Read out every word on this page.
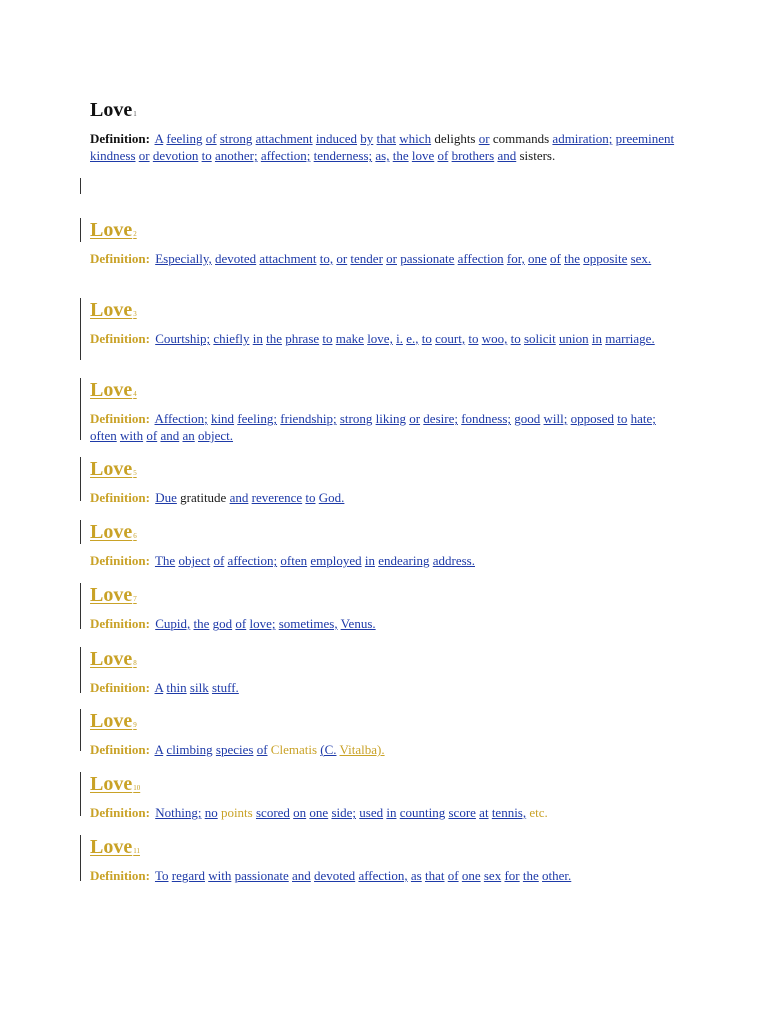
Love1
Definition: A feeling of strong attachment induced by that which delights or commands admiration; preeminent kindness or devotion to another; affection; tenderness; as, the love of brothers and sisters.
Love2
Definition: Especially, devoted attachment to, or tender or passionate affection for, one of the opposite sex.
Love3
Definition: Courtship; chiefly in the phrase to make love, i. e., to court, to woo, to solicit union in marriage.
Love4
Definition: Affection; kind feeling; friendship; strong liking or desire; fondness; good will; opposed to hate; often with of and an object.
Love5
Definition: Due gratitude and reverence to God.
Love6
Definition: The object of affection; often employed in endearing address.
Love7
Definition: Cupid, the god of love; sometimes, Venus.
Love8
Definition: A thin silk stuff.
Love9
Definition: A climbing species of Clematis (C. Vitalba).
Love10
Definition: Nothing; no points scored on one side; used in counting score at tennis, etc.
Love11
Definition: To regard with passionate and devoted affection, as that of one sex for the other.
